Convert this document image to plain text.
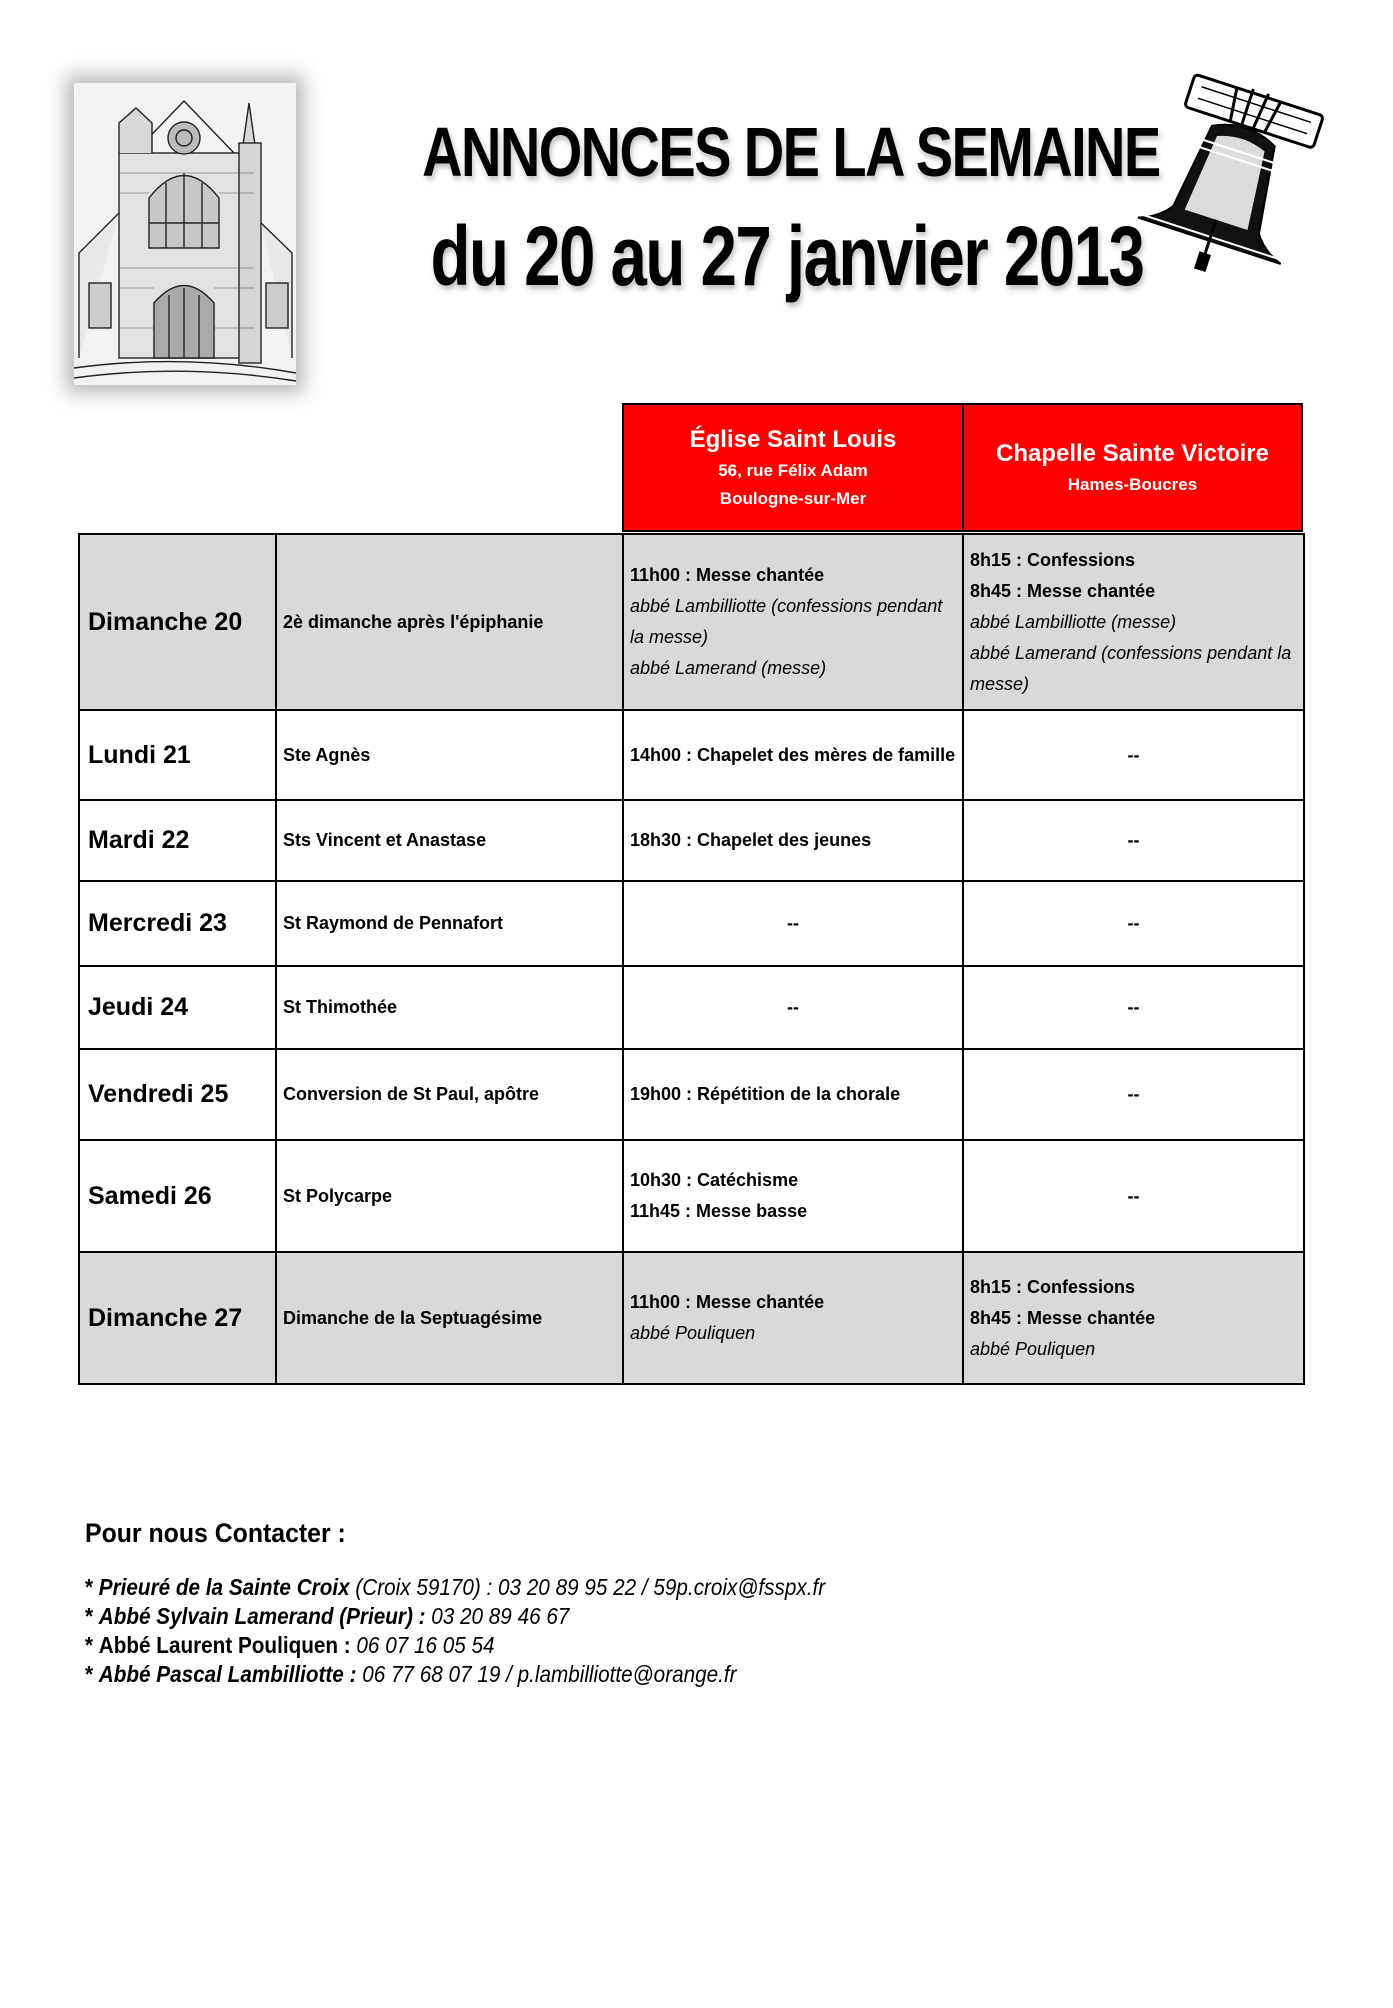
ANNONCES DE LA SEMAINE
du 20 au 27 janvier 2013
Église Saint Louis
56, rue Félix Adam
Boulogne-sur-Mer
Chapelle Sainte Victoire
Hames-Boucres
Dimanche 20	2è dimanche après l'épiphanie	11h00 : Messe chantée
abbé Lambilliotte (confessions pendant la messe)
abbé Lamerand (messe)	8h15 : Confessions
8h45 : Messe chantée
abbé Lambilliotte (messe)
abbé Lamerand (confessions pendant la messe)

Lundi 21	Ste Agnès	14h00 : Chapelet des mères de famille	--
Mardi 22	Sts Vincent et Anastase	18h30 : Chapelet des jeunes	--
Mercredi 23	St Raymond de Pennafort	--	--
Jeudi 24	St Thimothée	--	--
Vendredi 25	Conversion de St Paul, apôtre	19h00 : Répétition de la chorale	--
Samedi 26	St Polycarpe	10h30 : Catéchisme
11h45 : Messe basse	--
Dimanche 27	Dimanche de la Septuagésime	11h00 : Messe chantée
abbé Pouliquen	8h15 : Confessions
8h45 : Messe chantée
abbé Pouliquen
Pour nous Contacter :
* Prieuré de la Sainte Croix (Croix 59170) : 03 20 89 95 22 / 59p.croix@fsspx.fr
* Abbé Sylvain Lamerand (Prieur) : 03 20 89 46 67
* Abbé Laurent Pouliquen : 06 07 16 05 54
* Abbé Pascal Lambilliotte : 06 77 68 07 19 / p.lambilliotte@orange.fr
